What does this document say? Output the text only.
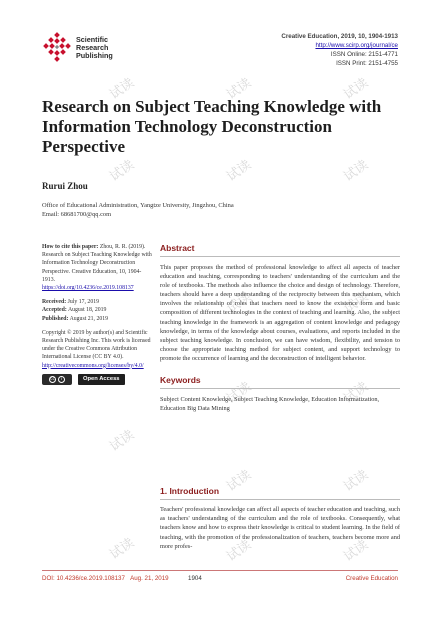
试读	试读	试读
试读	试读	试读
试读	试读
试读	试读
试读
试读	试读
试读	试读	试读
Scientific
Research
Publishing
Creative Education, 2019, 10, 1904-1913
http://www.scirp.org/journal/ce
ISSN Online: 2151-4771
ISSN Print: 2151-4755
Research on Subject Teaching Knowledge with Information Technology Deconstruction Perspective
Rurui Zhou
Office of Educational Administration, Yangtze University, Jingzhou, China
Email: 68681700@qq.com
How to cite this paper: Zhou, R. R. (2019). Research on Subject Teaching Knowledge with Information Technology Deconstruction Perspective. Creative Education, 10, 1904-1913.
https://doi.org/10.4236/ce.2019.108137
Received: July 17, 2019
Accepted: August 18, 2019
Published: August 21, 2019
Copyright © 2019 by author(s) and Scientific Research Publishing Inc. This work is licensed under the Creative Commons Attribution International License (CC BY 4.0).
http://creativecommons.org/licenses/by/4.0/
cc	i	Open Access
Abstract
This paper proposes the method of professional knowledge to affect all aspects of teacher education and teaching, corresponding to teachers' understanding of the curriculum and the role of textbooks. The methods also influence the choice and design of technology. Therefore, teachers should have a deep understanding of the reciprocity between this mechanism, which involves the relationship of roles that teachers need to know the existence form and basic composition of different technologies in the context of teaching and learning. Also, the subject teaching knowledge in the framework is an aggregation of content knowledge and pedagogy knowledge, in terms of the knowledge about courses, evaluations, and reports included in the subject teaching knowledge. In conclusion, we can have wisdom, flexibility, and tension to choose the appropriate teaching method for subject content, and support technology to promote the occurrence of learning and the deconstruction of intelligent behavior.
Keywords
Subject Content Knowledge, Subject Teaching Knowledge, Education Informatization, Education Big Data Mining
1. Introduction
Teachers' professional knowledge can affect all aspects of teacher education and teaching, such as teachers' understanding of the curriculum and the role of textbooks. Consequently, what teachers know and how to express their knowledge is critical to student learning. In the field of teaching, with the promotion of the professionalization of teachers, teachers become more and more profes-
DOI: 10.4236/ce.2019.108137 Aug. 21, 2019	1904	Creative Education
